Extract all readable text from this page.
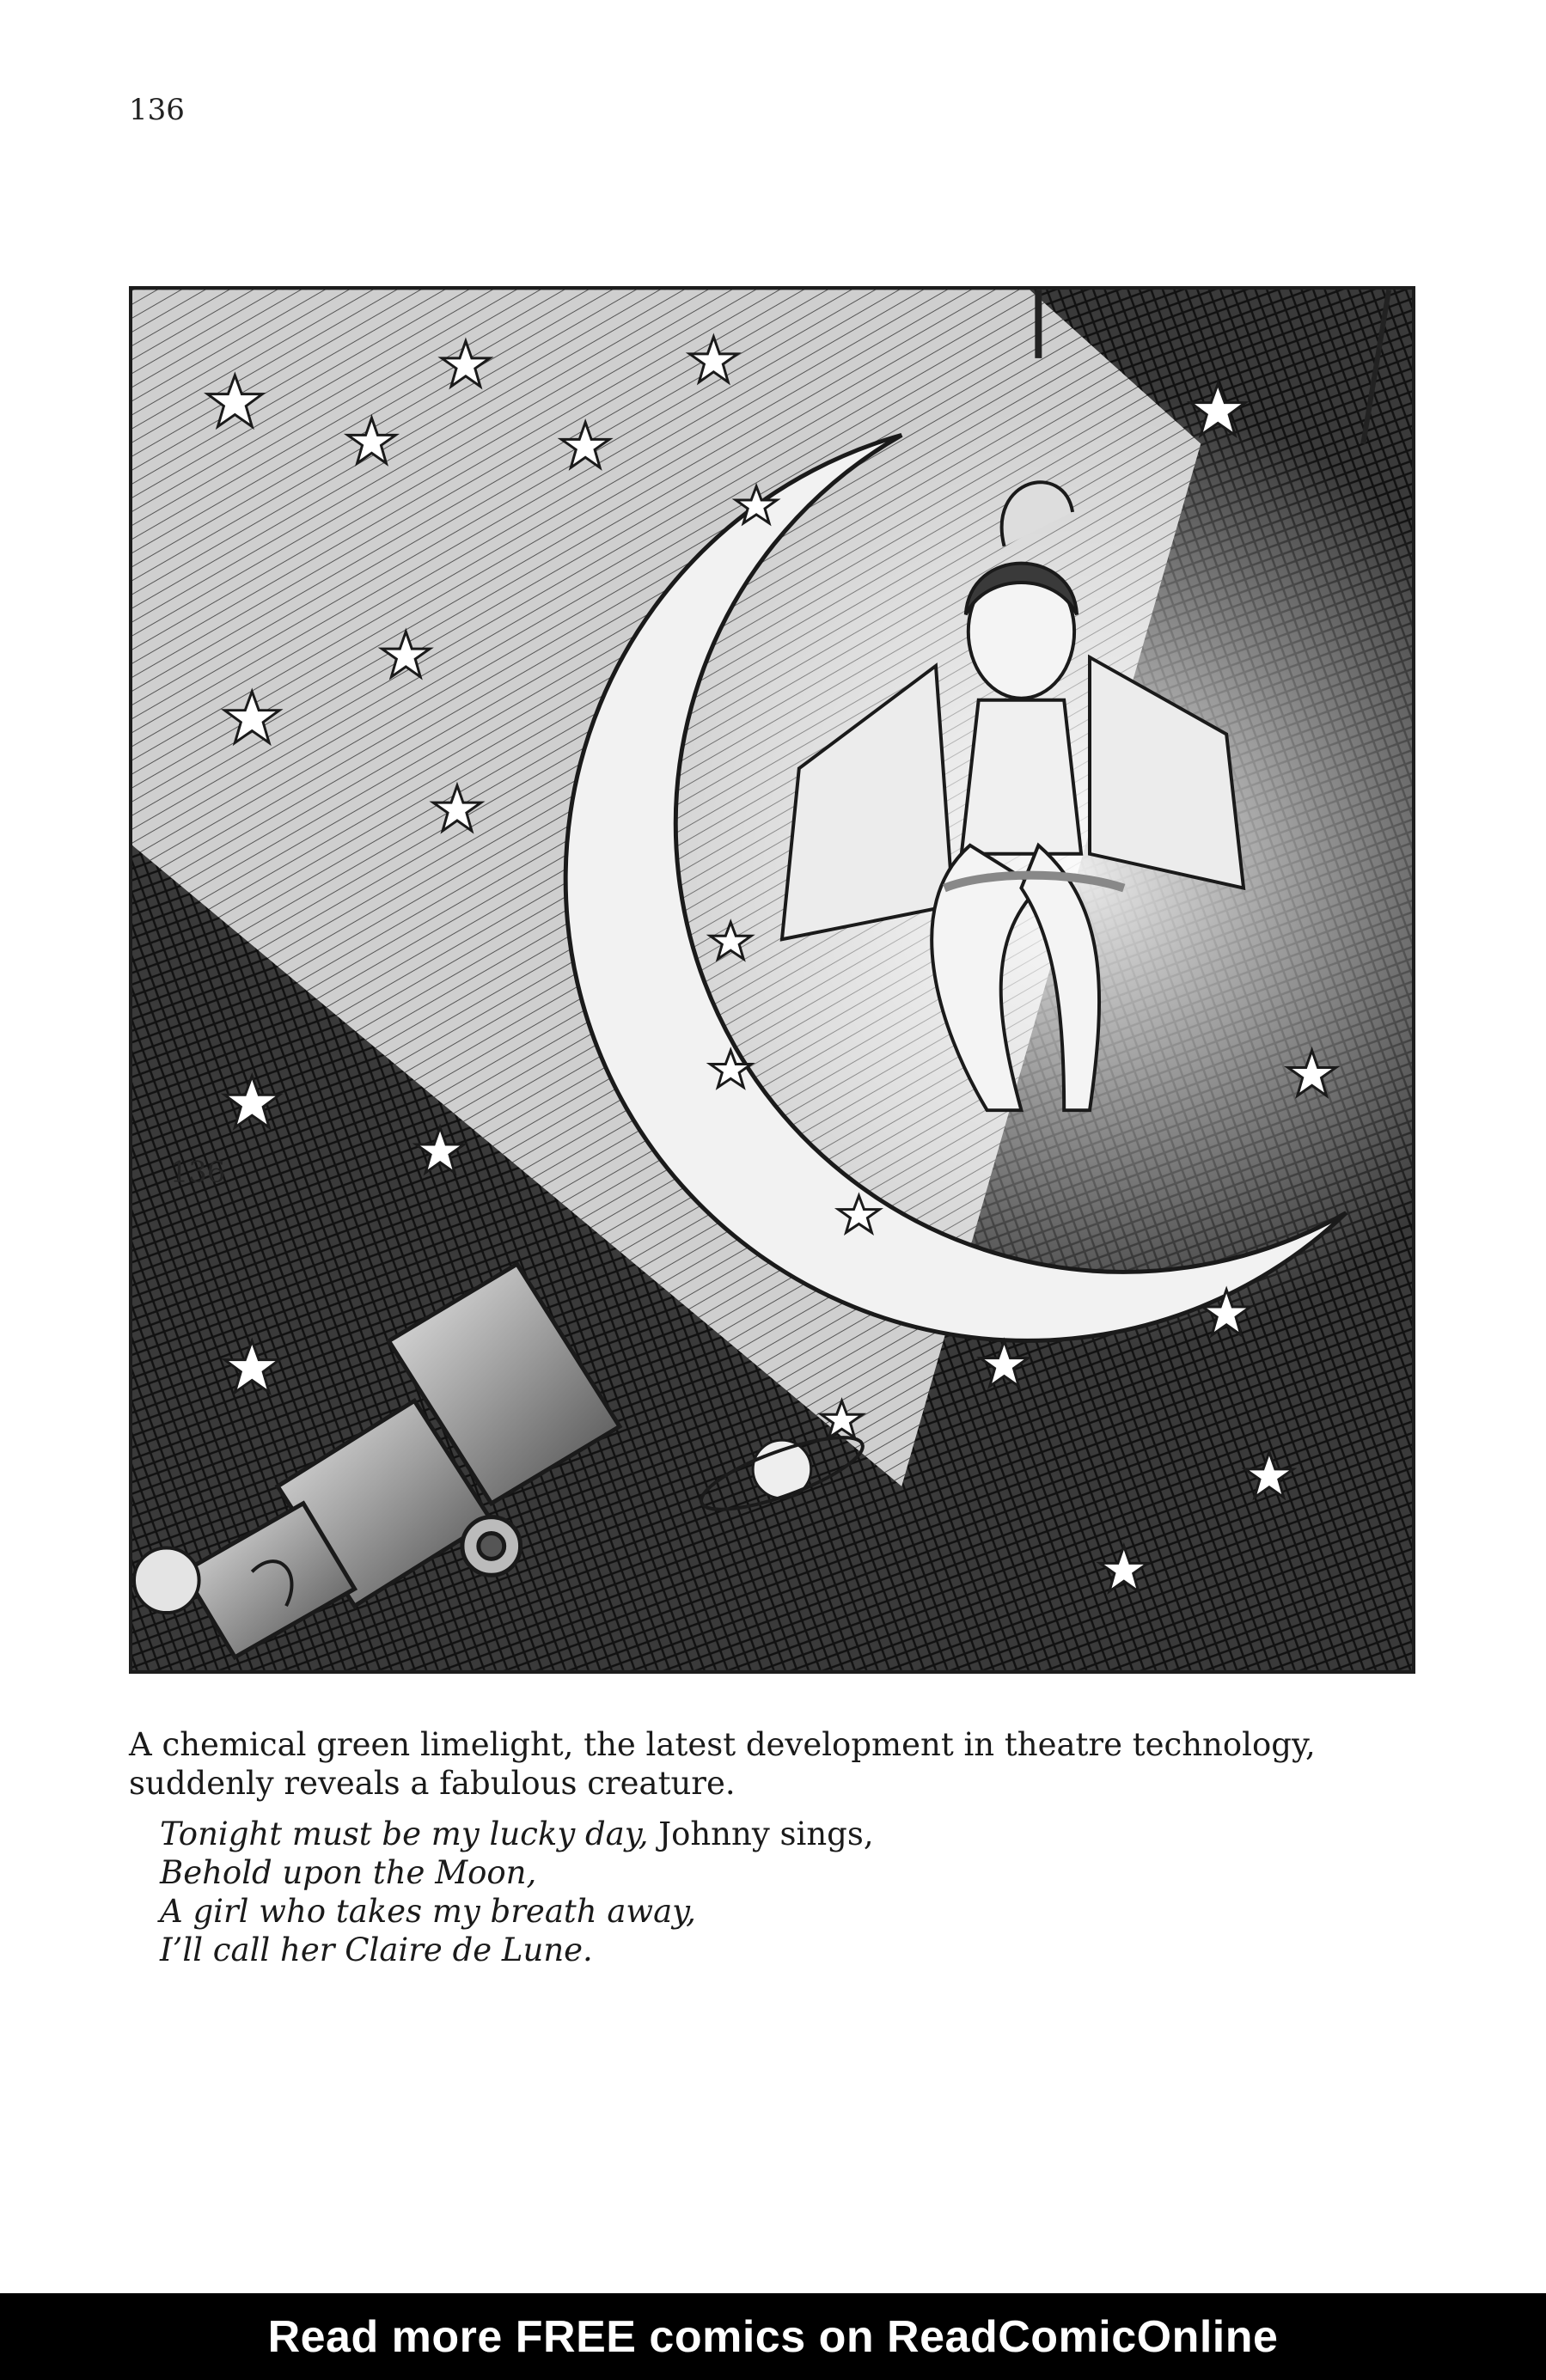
136
136

A chemical green limelight, the latest development in theatre technology, suddenly reveals a fabulous creature.

Tonight must be my lucky day, Johnny sings,
Behold upon the Moon,
A girl who takes my breath away,
I’ll call her Claire de Lune.
Read more FREE comics on ReadComicOnline
